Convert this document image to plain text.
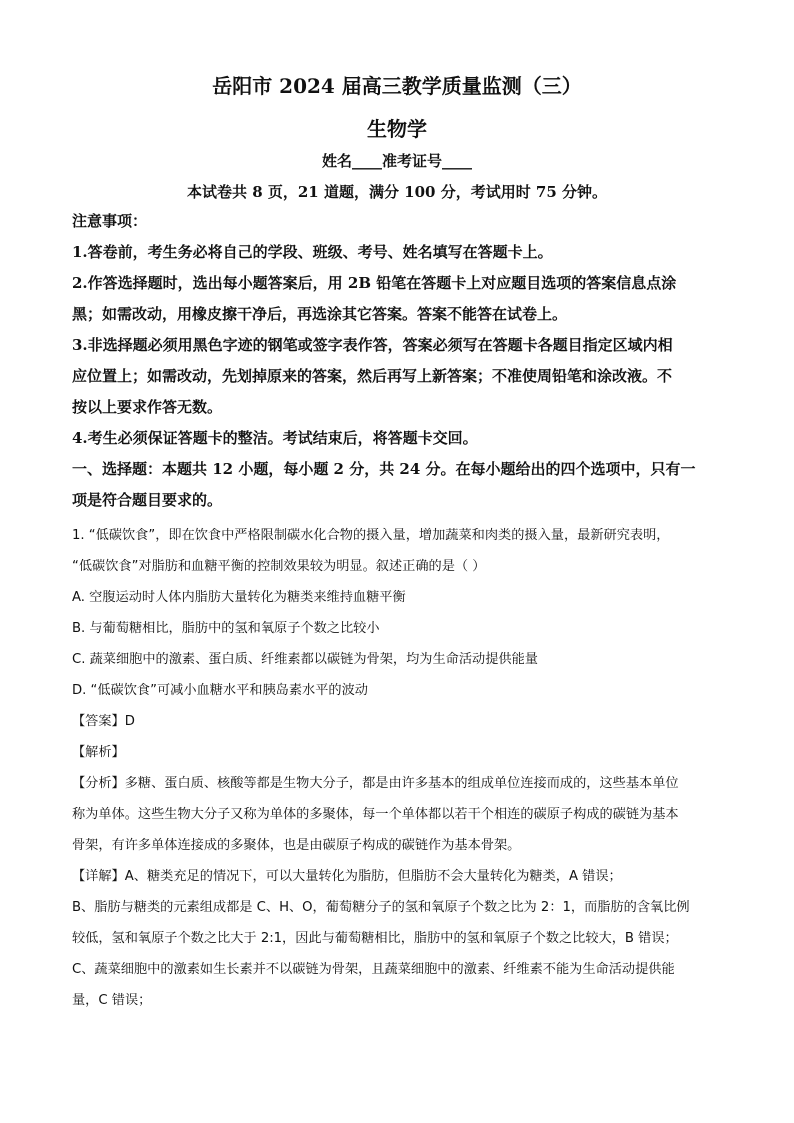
岳阳市 2024 届高三教学质量监测（三）
生物学
姓名____准考证号____
本试卷共 8 页，21 道题，满分 100 分，考试用时 75 分钟。
注意事项：
1.答卷前，考生务必将自己的学段、班级、考号、姓名填写在答题卡上。
2.作答选择题时，选出每小题答案后，用 2B 铅笔在答题卡上对应题目选项的答案信息点涂
黑；如需改动，用橡皮擦干净后，再选涂其它答案。答案不能答在试卷上。
3.非选择题必须用黑色字迹的钢笔或签字表作答，答案必须写在答题卡各题目指定区域内相
应位置上；如需改动，先划掉原来的答案，然后再写上新答案；不准使周铅笔和涂改液。不
按以上要求作答无数。
4.考生必须保证答题卡的整洁。考试结束后，将答题卡交回。
一、选择题：本题共 12 小题，每小题 2 分，共 24 分。在每小题给出的四个选项中，只有一
项是符合题目要求的。
1. “低碳饮食”，即在饮食中严格限制碳水化合物的摄入量，增加蔬菜和肉类的摄入量，最新研究表明，
“低碳饮食”对脂肪和血糖平衡的控制效果较为明显。叙述正确的是（ ）
A. 空腹运动时人体内脂肪大量转化为糖类来维持血糖平衡
B. 与葡萄糖相比，脂肪中的氢和氧原子个数之比较小
C. 蔬菜细胞中的激素、蛋白质、纤维素都以碳链为骨架，均为生命活动提供能量
D. “低碳饮食”可减小血糖水平和胰岛素水平的波动
【答案】D
【解析】
【分析】多糖、蛋白质、核酸等都是生物大分子，都是由许多基本的组成单位连接而成的，这些基本单位
称为单体。这些生物大分子又称为单体的多聚体，每一个单体都以若干个相连的碳原子构成的碳链为基本
骨架，有许多单体连接成的多聚体，也是由碳原子构成的碳链作为基本骨架。
【详解】A、糖类充足的情况下，可以大量转化为脂肪，但脂肪不会大量转化为糖类，A 错误；
B、脂肪与糖类的元素组成都是 C、H、O，葡萄糖分子的氢和氧原子个数之比为 2：1，而脂肪的含氧比例
较低，氢和氧原子个数之比大于 2:1，因此与葡萄糖相比，脂肪中的氢和氧原子个数之比较大，B 错误；
C、蔬菜细胞中的激素如生长素并不以碳链为骨架，且蔬菜细胞中的激素、纤维素不能为生命活动提供能
量，C 错误；
